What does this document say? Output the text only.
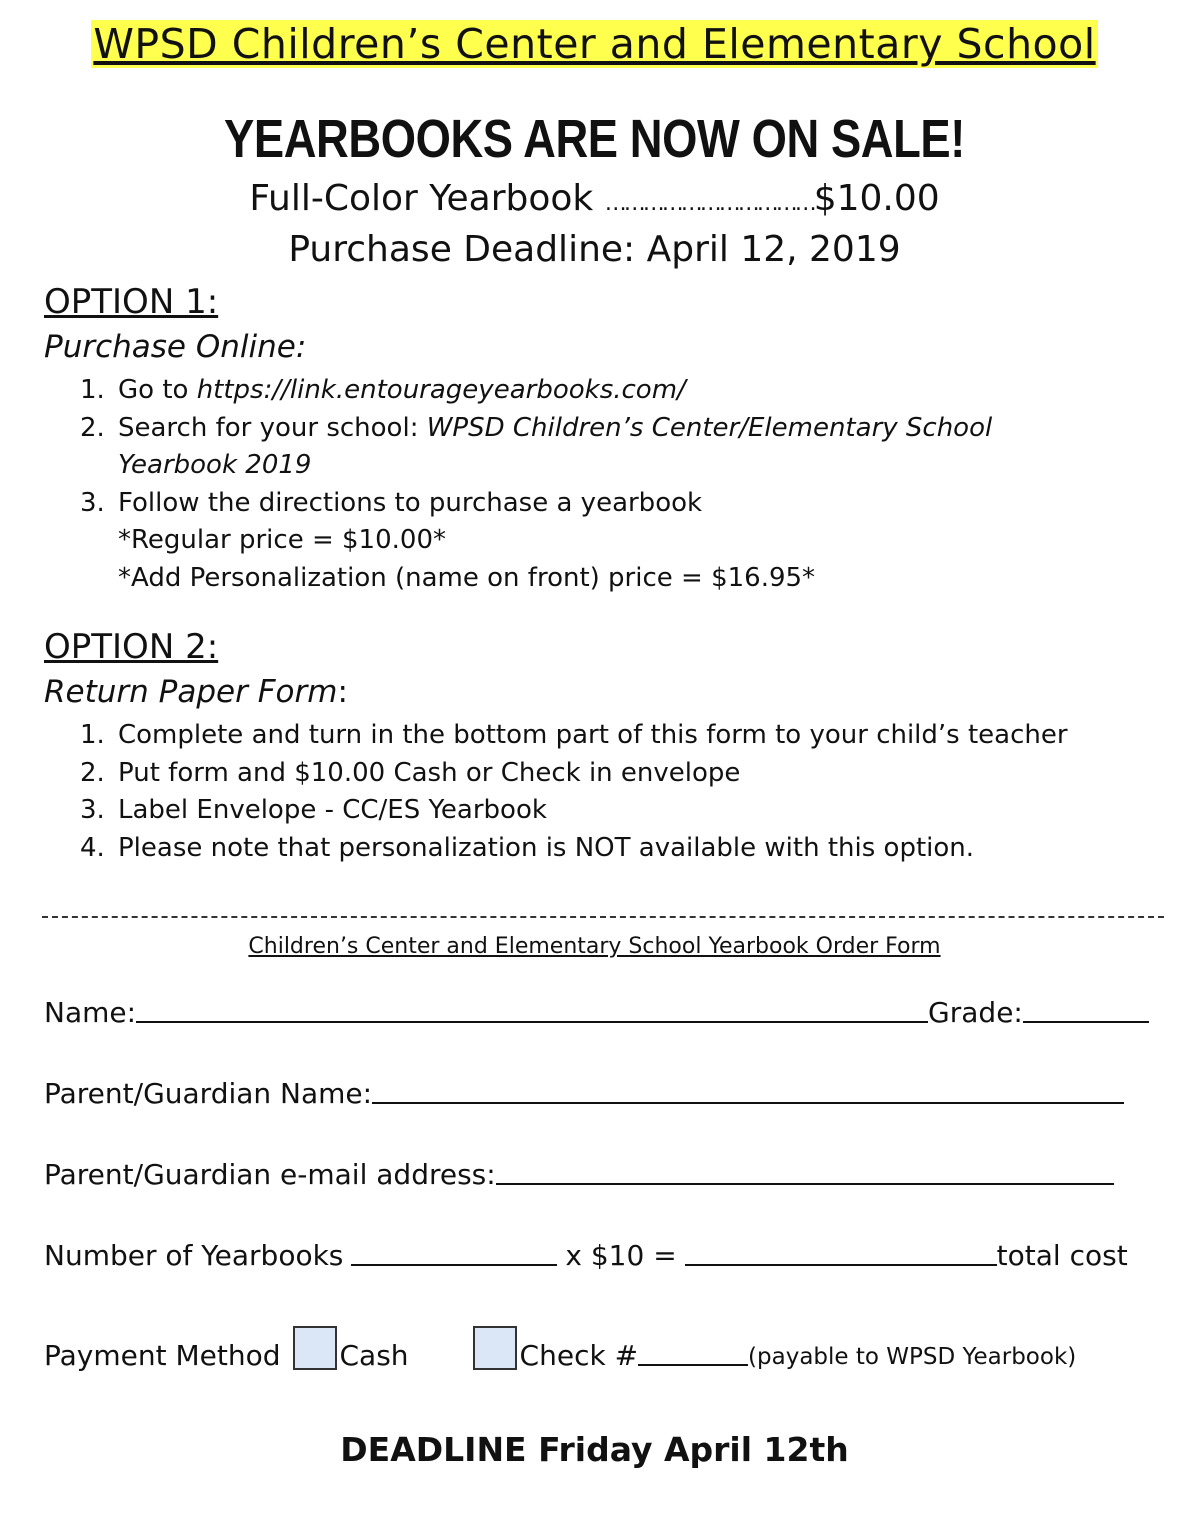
WPSD Children’s Center and Elementary School
YEARBOOKS ARE NOW ON SALE!
Full-Color Yearbook ……………………………$10.00
Purchase Deadline: April 12, 2019
OPTION 1:
Purchase Online:
1. Go to https://link.entourageyearbooks.com/
2. Search for your school: WPSD Children’s Center/Elementary School
Yearbook 2019
3. Follow the directions to purchase a yearbook
*Regular price = $10.00*
*Add Personalization (name on front) price = $16.95*
OPTION 2:
Return Paper Form:
1. Complete and turn in the bottom part of this form to your child’s teacher
2. Put form and $10.00 Cash or Check in envelope
3. Label Envelope - CC/ES Yearbook
4. Please note that personalization is NOT available with this option.
Children’s Center and Elementary School Yearbook Order Form
Name:	Grade:
Parent/Guardian Name:
Parent/Guardian e-mail address:
Number of Yearbooks	x $10 =	total cost
Payment Method Cash	Check #	(payable to WPSD Yearbook)
DEADLINE Friday April 12th
